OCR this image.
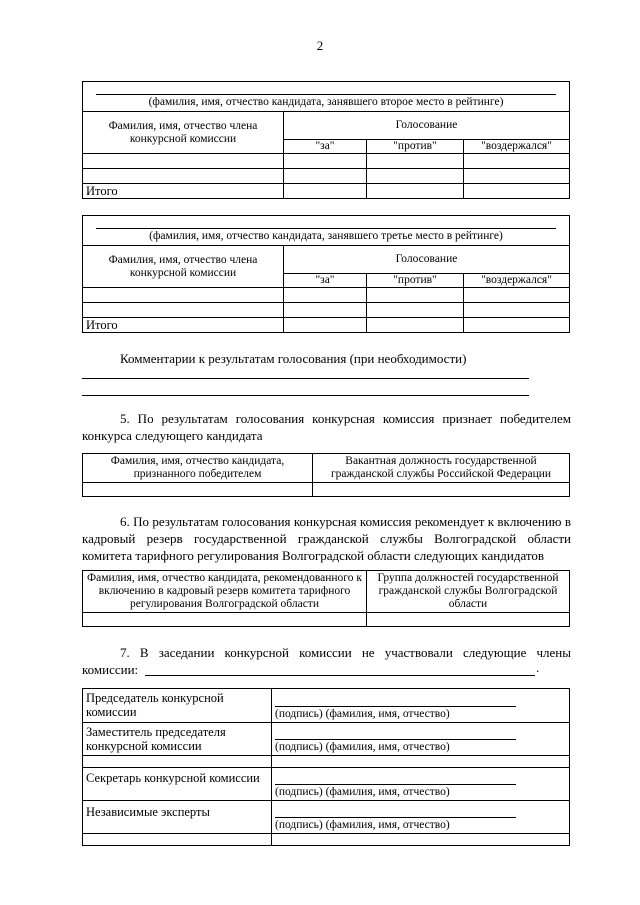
2
(фамилия, имя, отчество кандидата, занявшего второе место в рейтинге)			
Фамилия, имя, отчество члена конкурсной комиссии	Голосование		
	"за"	"против"	"воздержался"

Итого			
(фамилия, имя, отчество кандидата, занявшего третье место в рейтинге)			
Фамилия, имя, отчество члена конкурсной комиссии	Голосование		
	"за"	"против"	"воздержался"

Итого			
Комментарии к результатам голосования (при необходимости)
5. По результатам голосования конкурсная комиссия признает победителем конкурса следующего кандидата
Фамилия, имя, отчество кандидата, признанного победителем	Вакантная должность государственной гражданской службы Российской Федерации

6. По результатам голосования конкурсная комиссия рекомендует к включению в кадровый резерв государственной гражданской службы Волгоградской области комитета тарифного регулирования Волгоградской области следующих кандидатов
Фамилия, имя, отчество кандидата, рекомендованного к включению в кадровый резерв комитета тарифного регулирования Волгоградской области	Группа должностей государственной гражданской службы Волгоградской области

7. В заседании конкурсной комиссии не участвовали следующие члены
комиссии:	.
Председатель конкурсной комиссии	(подпись) (фамилия, имя, отчество)
Заместитель председателя конкурсной комиссии	(подпись) (фамилия, имя, отчество)

Секретарь конкурсной комиссии	(подпись) (фамилия, имя, отчество)
Независимые эксперты	(подпись) (фамилия, имя, отчество)
